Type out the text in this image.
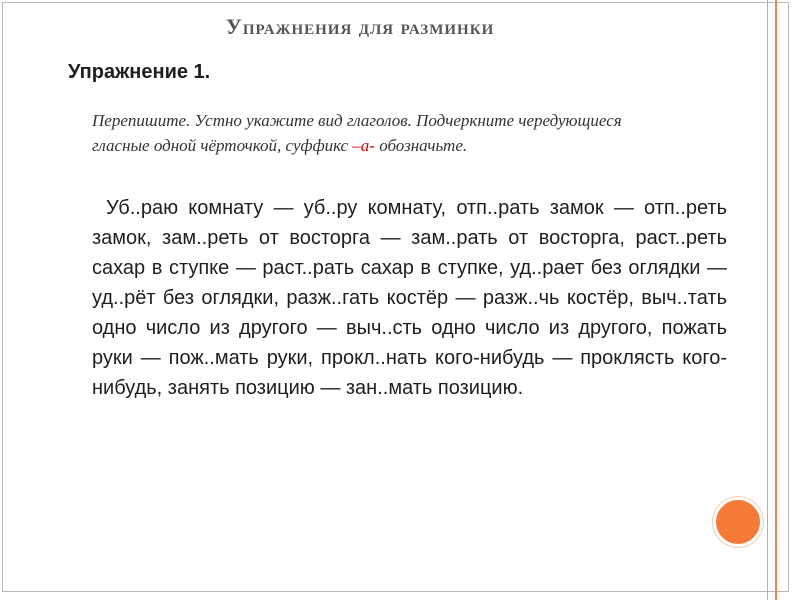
Упражнения для разминки
Упражнение 1.
Перепишите. Устно укажите вид глаголов. Подчеркните чередующиеся гласные одной чёрточкой, суффикс –а- обозначьте.
Уб..раю комнату — уб..ру комнату, отп..рать замок — отп..реть замок, зам..реть от восторга — зам..рать от восторга, раст..реть сахар в ступке — раст..рать сахар в ступке, уд..рает без оглядки — уд..рёт без оглядки, разж..гать костёр — разж..чь костёр, выч..тать одно число из другого — выч..сть одно число из другого, пожать руки — пож..мать руки, прокл..нать кого-нибудь — проклясть кого-нибудь, занять позицию — зан..мать позицию.
